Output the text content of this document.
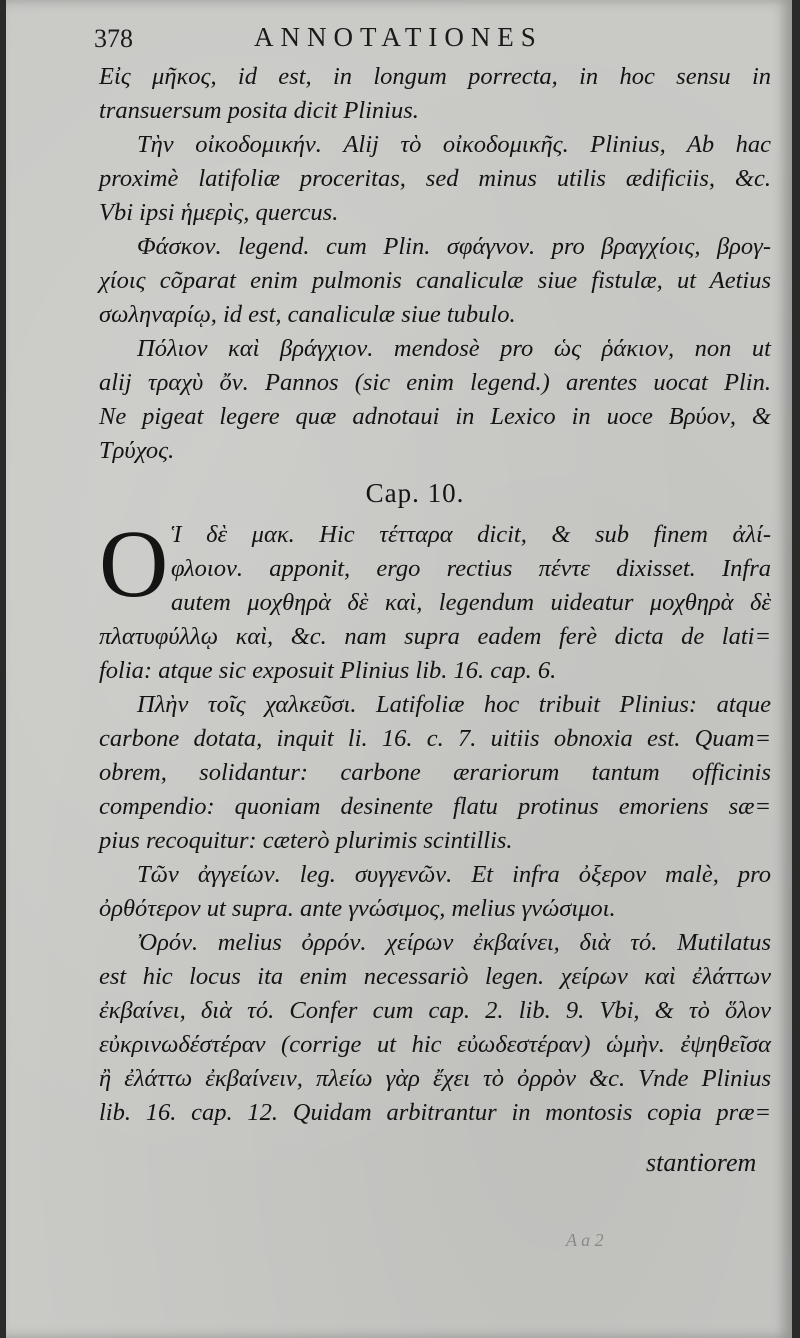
378	ANNOTATIONES
Εἰς μῆκος, id est, in longum porrecta, in hoc sensu in
transuersum posita dicit Plinius.
Τὴν οἰκοδομικήν. Alij τὸ οἰκοδομικῆς. Plinius, Ab hac
proximè latifoliæ proceritas, sed minus utilis ædificiis, &c.
Vbi ipsi ἡμερὶς, quercus.
Φάσκον. legend. cum Plin. σφάγνον. pro βραγχίοις, βρογ-
χίοις cõparat enim pulmonis canaliculæ siue fistulæ, ut Aetius
σωληναρίῳ, id est, canaliculæ siue tubulo.
Πόλιον καὶ βράγχιον. mendosè pro ὡς ῥάκιον, non ut
alij τραχὺ ὄν. Pannos (sic enim legend.) arentes uocat Plin.
Ne pigeat legere quæ adnotaui in Lexico in uoce Βρύον, &
Τρύχος.
Cap. 10.
O Ἱ δὲ μακ. Hic τέτταρα dicit, & sub finem ἀλί-
φλοιον. apponit, ergo rectius πέντε dixisset. Infra
autem μοχθηρὰ δὲ καὶ, legendum uideatur μοχθηρὰ δὲ
πλατυφύλλῳ καὶ, &c. nam supra eadem ferè dicta de lati=
folia: atque sic exposuit Plinius lib. 16. cap. 6.
Πλὴν τοῖς χαλκεῦσι. Latifoliæ hoc tribuit Plinius: atque
carbone dotata, inquit li. 16. c. 7. uitiis obnoxia est. Quam=
obrem, solidantur: carbone ærariorum tantum officinis
compendio: quoniam desinente flatu protinus emoriens sæ=
pius recoquitur: cæterò plurimis scintillis.
Τῶν ἀγγείων. leg. συγγενῶν. Et infra ὀξερον malè, pro
ὀρθότερον ut supra. ante γνώσιμος, melius γνώσιμοι.
Ὀρόν. melius ὀρρόν. χείρων ἐκβαίνει, διὰ τό. Mutilatus
est hic locus ita enim necessariò legen. χείρων καὶ ἐλάττων
ἐκβαίνει, διὰ τό. Confer cum cap. 2. lib. 9. Vbi, & τὸ ὅλον
εὐκρινωδέστέραν (corrige ut hic εὐωδεστέραν) ὡμὴν. ἐψηθεῖσα
ἢ ἐλάττω ἐκβαίνειν, πλείω γὰρ ἔχει τὸ ὀρρὸν &c. Vnde Plinius
lib. 16. cap. 12. Quidam arbitrantur in montosis copia præ=
stantiorem
A a 2
